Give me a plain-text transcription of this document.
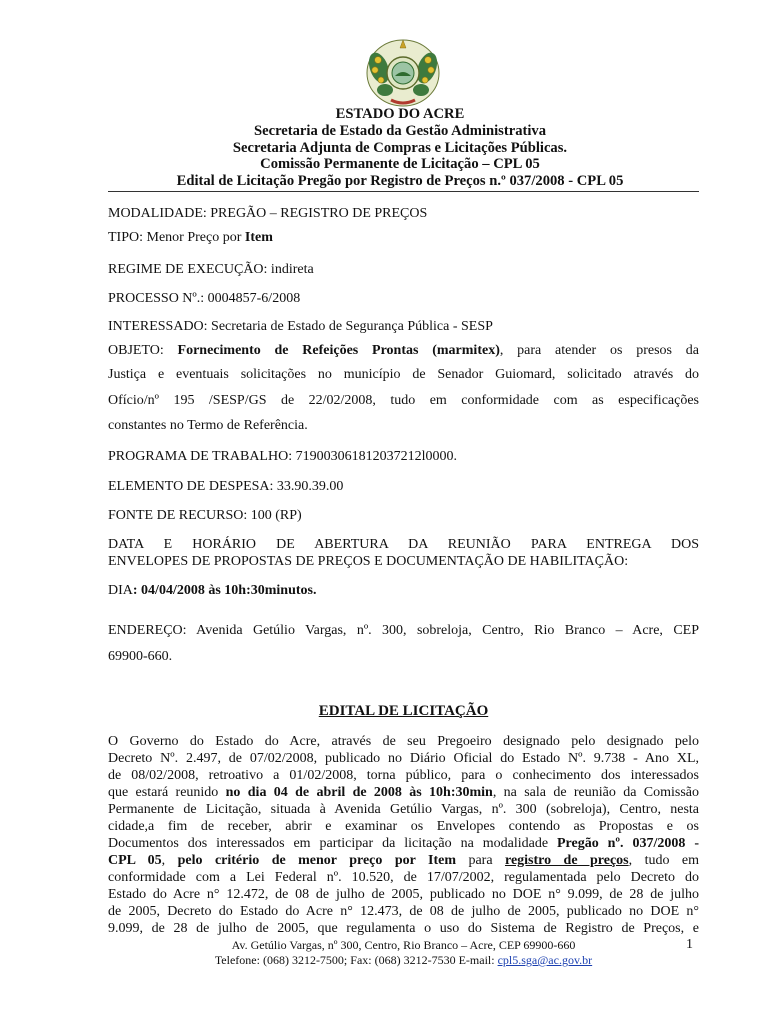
ESTADO DO ACRE
Secretaria de Estado da Gestão Administrativa
Secretaria Adjunta de Compras e Licitações Públicas.
Comissão Permanente de Licitação – CPL 05
Edital de Licitação Pregão por Registro de Preços n.º 037/2008 - CPL 05
MODALIDADE: PREGÃO – REGISTRO DE PREÇOS
TIPO: Menor Preço por Item
REGIME DE EXECUÇÃO: indireta
PROCESSO Nº.: 0004857-6/2008
INTERESSADO: Secretaria de Estado de Segurança Pública - SESP
OBJETO: Fornecimento de Refeições Prontas (marmitex), para atender os presos da
Justiça e eventuais solicitações no município de Senador Guiomard, solicitado através do
Ofício/nº 195 /SESP/GS de 22/02/2008, tudo em conformidade com as especificações
constantes no Termo de Referência.
PROGRAMA DE TRABALHO: 719003061812037212l0000.
ELEMENTO DE DESPESA: 33.90.39.00
FONTE DE RECURSO: 100 (RP)
DATA E HORÁRIO DE ABERTURA DA REUNIÃO PARA ENTREGA DOS
ENVELOPES DE PROPOSTAS DE PREÇOS E DOCUMENTAÇÃO DE HABILITAÇÃO:
DIA: 04/04/2008 às 10h:30minutos.
ENDEREÇO: Avenida Getúlio Vargas, nº. 300, sobreloja, Centro, Rio Branco – Acre, CEP
69900-660.
EDITAL DE LICITAÇÃO
O Governo do Estado do Acre, através de seu Pregoeiro designado pelo designado pelo
Decreto Nº. 2.497, de 07/02/2008, publicado no Diário Oficial do Estado Nº. 9.738 - Ano XL,
de 08/02/2008, retroativo a 01/02/2008, torna público, para o conhecimento dos interessados
que estará reunido no dia 04 de abril de 2008 às 10h:30min, na sala de reunião da Comissão
Permanente de Licitação, situada à Avenida Getúlio Vargas, nº. 300 (sobreloja), Centro, nesta
cidade,a fim de receber, abrir e examinar os Envelopes contendo as Propostas e os
Documentos dos interessados em participar da licitação na modalidade Pregão nº. 037/2008 -
CPL 05, pelo critério de menor preço por Item para registro de preços, tudo em
conformidade com a Lei Federal nº. 10.520, de 17/07/2002, regulamentada pelo Decreto do
Estado do Acre n° 12.472, de 08 de julho de 2005, publicado no DOE n° 9.099, de 28 de julho
de 2005, Decreto do Estado do Acre n° 12.473, de 08 de julho de 2005, publicado no DOE n°
9.099, de 28 de julho de 2005, que regulamenta o uso do Sistema de Registro de Preços, e
Av. Getúlio Vargas, nº 300, Centro, Rio Branco – Acre, CEP 69900-660	1
Telefone: (068) 3212-7500; Fax: (068) 3212-7530 E-mail: cpl5.sga@ac.gov.br
